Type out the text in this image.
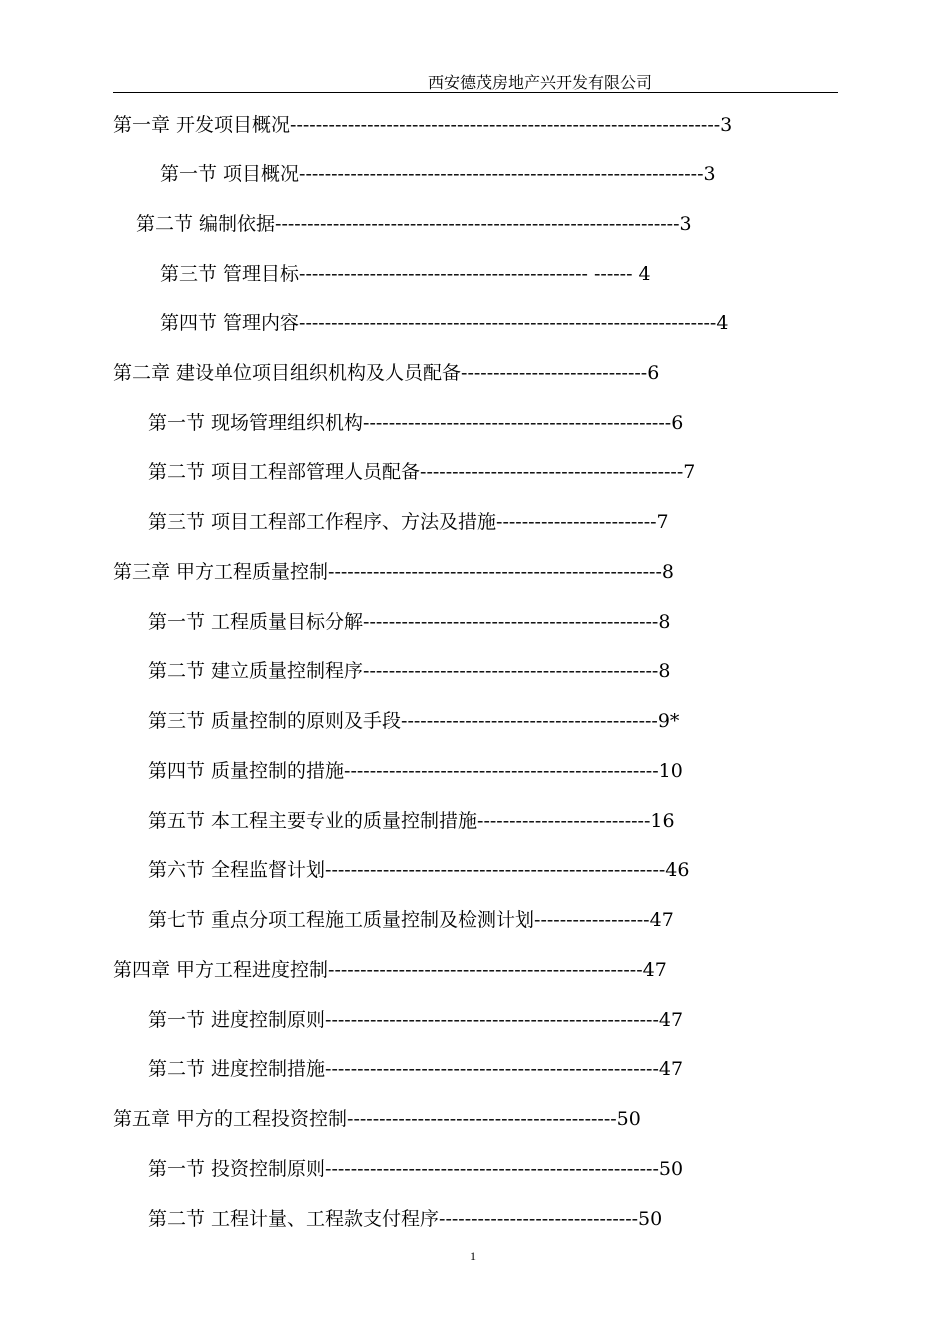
西安德茂房地产兴开发有限公司
第一章 开发项目概况-------------------------------------------------------------------3
第一节 项目概况---------------------------------------------------------------3
第二节 编制依据---------------------------------------------------------------3
第三节 管理目标--------------------------------------------- ------ 4
第四节 管理内容-----------------------------------------------------------------4
第二章 建设单位项目组织机构及人员配备-----------------------------6
第一节 现场管理组织机构------------------------------------------------6
第二节 项目工程部管理人员配备-----------------------------------------7
第三节 项目工程部工作程序、方法及措施-------------------------7
第三章 甲方工程质量控制----------------------------------------------------8
第一节 工程质量目标分解----------------------------------------------8
第二节 建立质量控制程序----------------------------------------------8
第三节 质量控制的原则及手段----------------------------------------9*
第四节 质量控制的措施-------------------------------------------------10
第五节 本工程主要专业的质量控制措施---------------------------16
第六节 全程监督计划-----------------------------------------------------46
第七节 重点分项工程施工质量控制及检测计划------------------47
第四章 甲方工程进度控制-------------------------------------------------47
第一节 进度控制原则----------------------------------------------------47
第二节 进度控制措施----------------------------------------------------47
第五章 甲方的工程投资控制------------------------------------------50
第一节 投资控制原则----------------------------------------------------50
第二节 工程计量、工程款支付程序-------------------------------50
1
